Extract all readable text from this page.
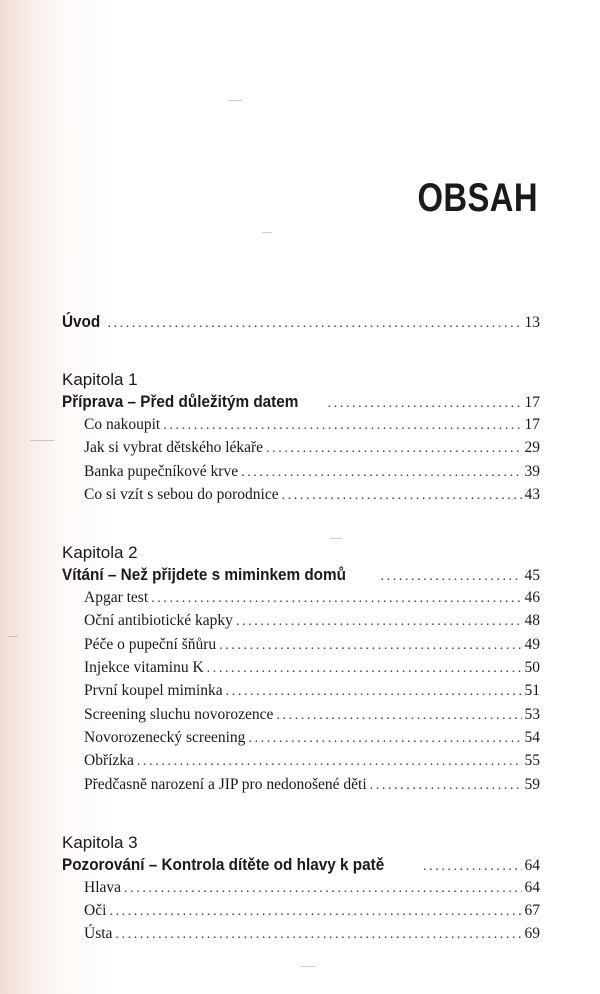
OBSAH
Úvod .....	13
Kapitola 1
Příprava – Před důležitým datem .....	17
Co nakoupit .....	17
Jak si vybrat dětského lékaře .....	29
Banka pupečníkové krve .....	39
Co si vzít s sebou do porodnice .....	43
Kapitola 2
Vítání – Než přijdete s miminkem domů .....	45
Apgar test .....	46
Oční antibiotické kapky .....	48
Péče o pupeční šňůru .....	49
Injekce vitaminu K .....	50
První koupel miminka .....	51
Screening sluchu novorozence .....	53
Novorozenecký screening .....	54
Obřízka .....	55
Předčasně narození a JIP pro nedonošené děti .....	59
Kapitola 3
Pozorování – Kontrola dítěte od hlavy k patě .....	64
Hlava .....	64
Oči .....	67
Ústa .....	69
